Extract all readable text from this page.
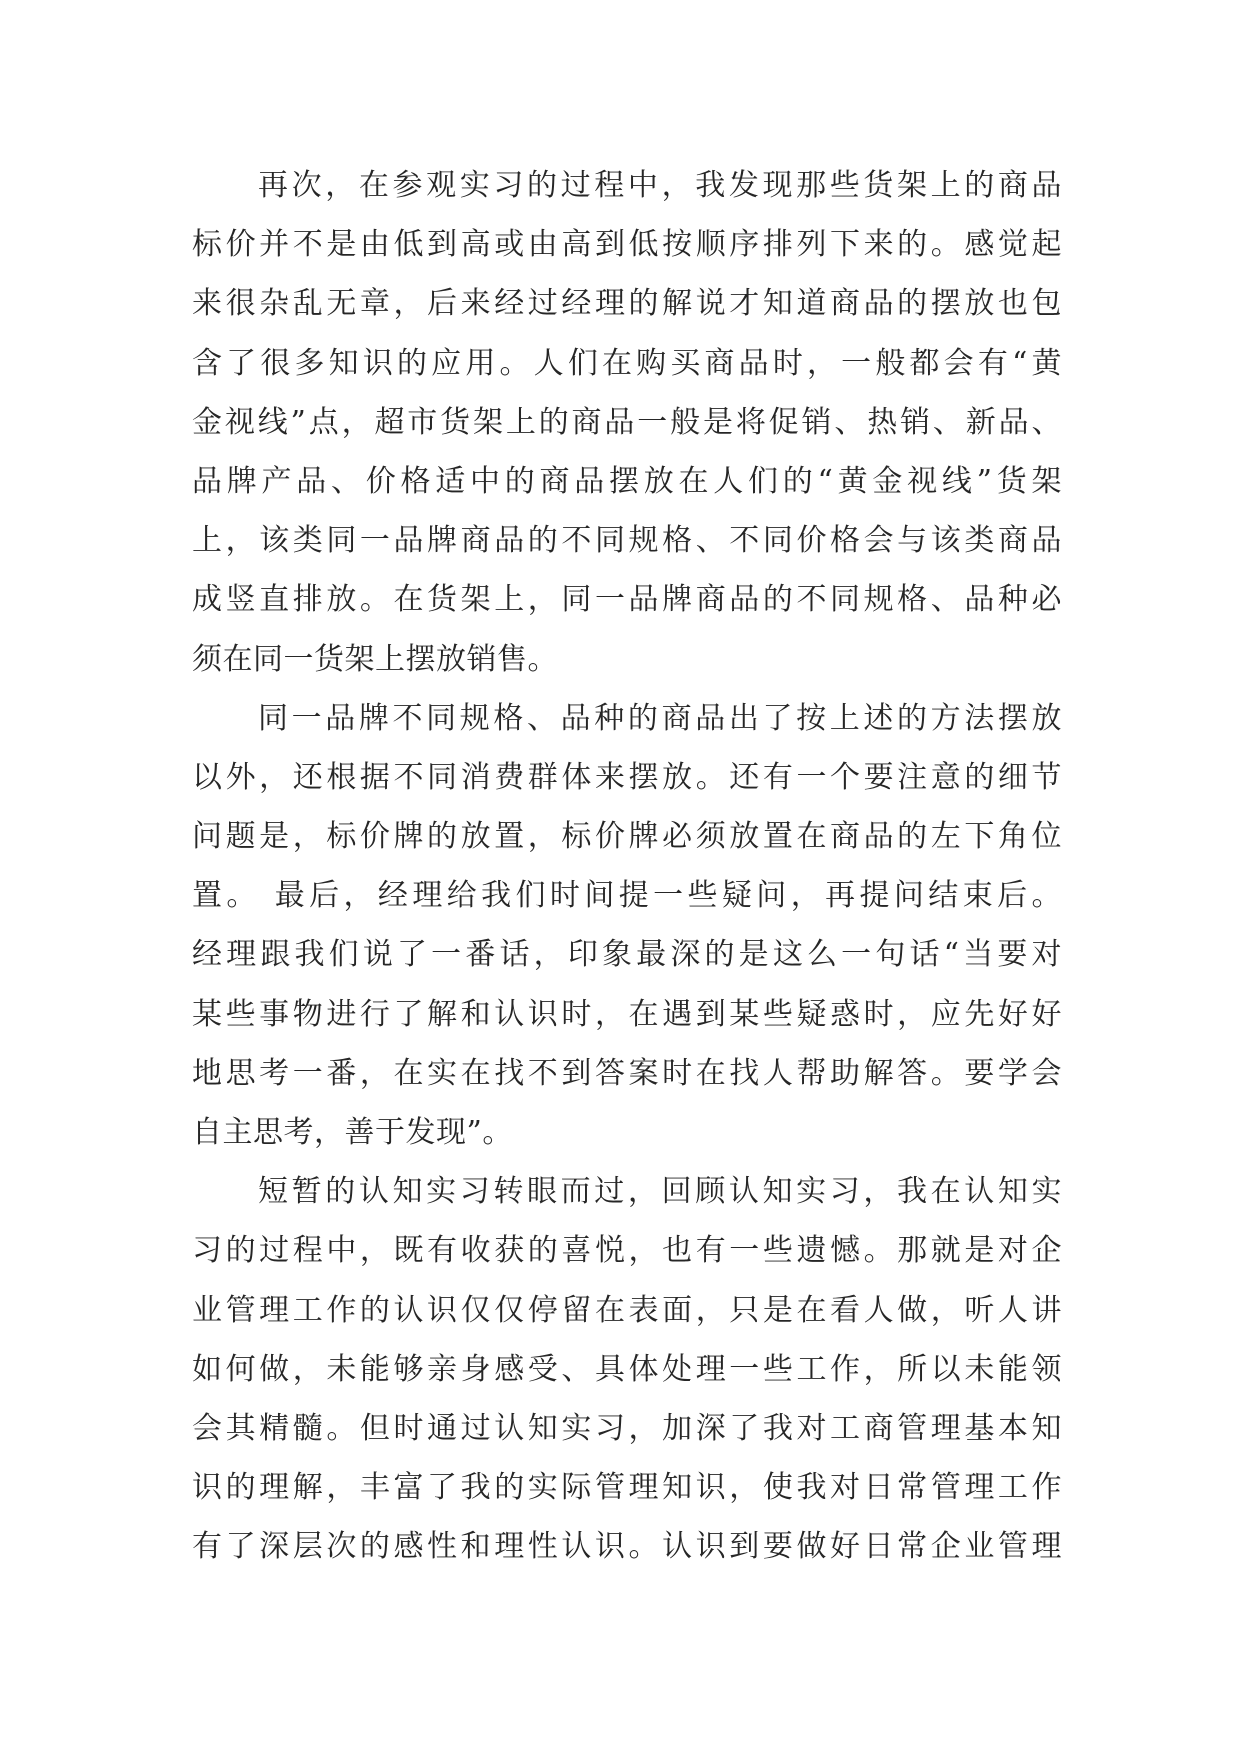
再次，在参观实习的过程中，我发现那些货架上的商品
标价并不是由低到高或由高到低按顺序排列下来的。感觉起
来很杂乱无章，后来经过经理的解说才知道商品的摆放也包
含了很多知识的应用。人们在购买商品时，一般都会有“黄
金视线”点，超市货架上的商品一般是将促销、热销、新品、
品牌产品、价格适中的商品摆放在人们的“黄金视线”货架
上，该类同一品牌商品的不同规格、不同价格会与该类商品
成竖直排放。在货架上，同一品牌商品的不同规格、品种必
须在同一货架上摆放销售。
同一品牌不同规格、品种的商品出了按上述的方法摆放
以外，还根据不同消费群体来摆放。还有一个要注意的细节
问题是，标价牌的放置，标价牌必须放置在商品的左下角位
置。 最后，经理给我们时间提一些疑问，再提问结束后。
经理跟我们说了一番话，印象最深的是这么一句话“当要对
某些事物进行了解和认识时，在遇到某些疑惑时，应先好好
地思考一番，在实在找不到答案时在找人帮助解答。要学会
自主思考，善于发现”。
短暂的认知实习转眼而过，回顾认知实习，我在认知实
习的过程中，既有收获的喜悦，也有一些遗憾。那就是对企
业管理工作的认识仅仅停留在表面，只是在看人做，听人讲
如何做，未能够亲身感受、具体处理一些工作，所以未能领
会其精髓。但时通过认知实习，加深了我对工商管理基本知
识的理解，丰富了我的实际管理知识，使我对日常管理工作
有了深层次的感性和理性认识。认识到要做好日常企业管理
